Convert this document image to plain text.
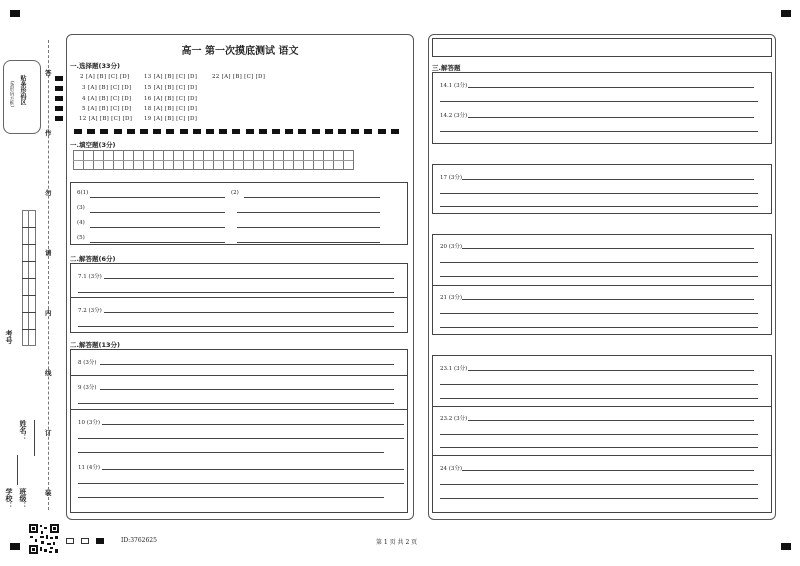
贴条形码区
(条形码方框)
考号
姓名：
学校： 班级：
答
作
勿
请
内
线
订
装
高一 第一次摸底测试 语文
一.选择题(33分)
2 [A] [B] [C] [D]	13 [A] [B] [C] [D]	22 [A] [B] [C] [D]
3 [A] [B] [C] [D] 15 [A] [B] [C] [D]
4 [A] [B] [C] [D] 16 [A] [B] [C] [D]
5 [A] [B] [C] [D] 18 [A] [B] [C] [D]
12 [A] [B] [C] [D] 19 [A] [B] [C] [D]
一.填空题(3分)
6(1)	(2)
(3)
(4)
(5)
二.解答题(6分)
7.1 (3分)
7.2 (3分)
二.解答题(13分)
8 (3分)
9 (3分)
10 (3分)
11 (4分)
三.解答题
14.1 (3分)
14.2 (3分)
17 (3分)
20 (3分)
21 (3分)
23.1 (3分)
23.2 (3分)
24 (3分)
ID:3762625	第 1 页 共 2 页
